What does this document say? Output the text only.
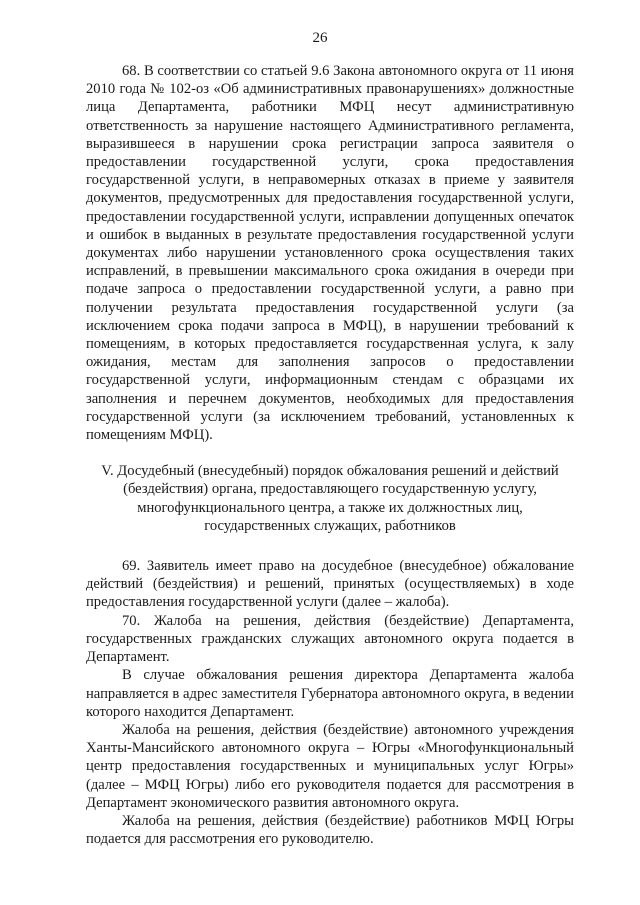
26

68. В соответствии со статьей 9.6 Закона автономного округа от 11 июня 2010 года № 102-оз «Об административных правонарушениях» должностные лица Департамента, работники МФЦ несут административную ответственность за нарушение настоящего Административного регламента, выразившееся в нарушении срока регистрации запроса заявителя о предоставлении государственной услуги, срока предоставления государственной услуги, в неправомерных отказах в приеме у заявителя документов, предусмотренных для предоставления государственной услуги, предоставлении государственной услуги, исправлении допущенных опечаток и ошибок в выданных в результате предоставления государственной услуги документах либо нарушении установленного срока осуществления таких исправлений, в превышении максимального срока ожидания в очереди при подаче запроса о предоставлении государственной услуги, а равно при получении результата предоставления государственной услуги (за исключением срока подачи запроса в МФЦ), в нарушении требований к помещениям, в которых предоставляется государственная услуга, к залу ожидания, местам для заполнения запросов о предоставлении государственной услуги, информационным стендам с образцами их заполнения и перечнем документов, необходимых для предоставления государственной услуги (за исключением требований, установленных к помещениям МФЦ).

V. Досудебный (внесудебный) порядок обжалования решений и действий (бездействия) органа, предоставляющего государственную услугу, многофункционального центра, а также их должностных лиц, государственных служащих, работников

69. Заявитель имеет право на досудебное (внесудебное) обжалование действий (бездействия) и решений, принятых (осуществляемых) в ходе предоставления государственной услуги (далее – жалоба).

70. Жалоба на решения, действия (бездействие) Департамента, государственных гражданских служащих автономного округа подается в Департамент.

В случае обжалования решения директора Департамента жалоба направляется в адрес заместителя Губернатора автономного округа, в ведении которого находится Департамент.

Жалоба на решения, действия (бездействие) автономного учреждения Ханты-Мансийского автономного округа – Югры «Многофункциональный центр предоставления государственных и муниципальных услуг Югры» (далее – МФЦ Югры) либо его руководителя подается для рассмотрения в Департамент экономического развития автономного округа.

Жалоба на решения, действия (бездействие) работников МФЦ Югры подается для рассмотрения его руководителю.
